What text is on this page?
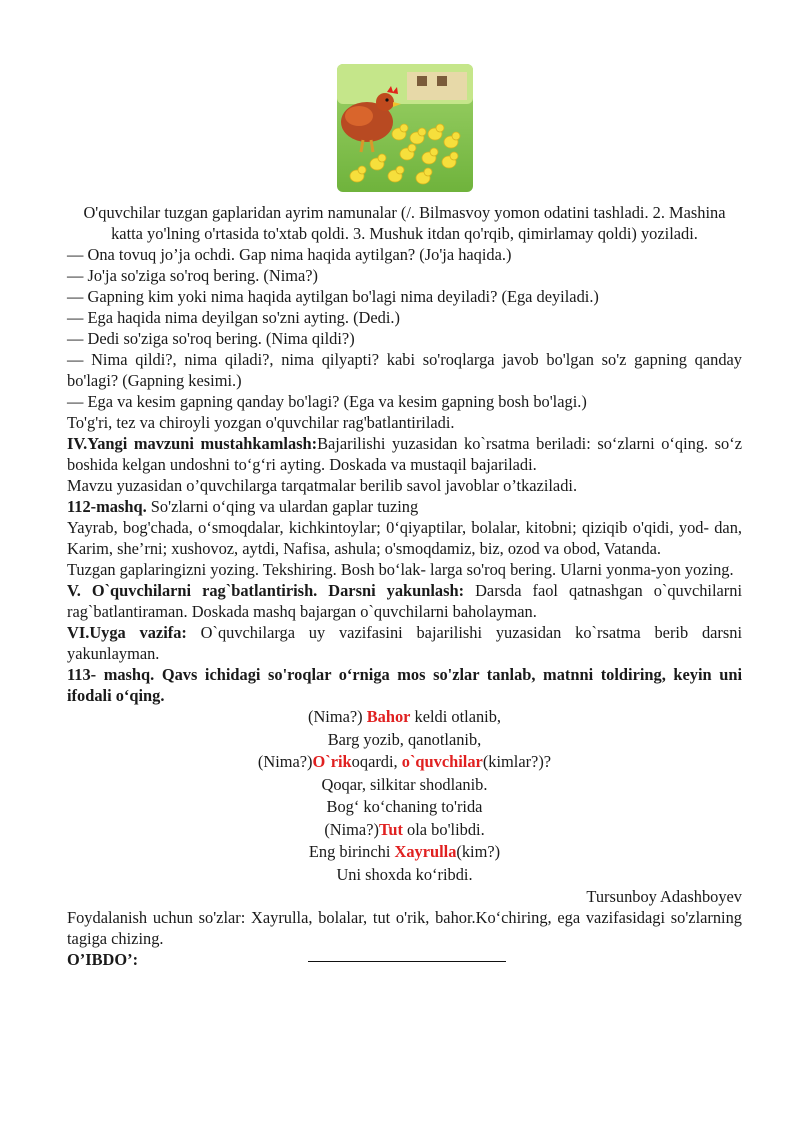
O'quvchilar tuzgan gaplaridan ayrim namunalar (/. Bilmasvoy yomon odatini tashladi. 2. Mashina katta yo'lning o'rtasida to'xtab qoldi. 3. Mushuk itdan qo'rqib, qimirlamay qoldi) yoziladi.

— Ona tovuq jo’ja ochdi. Gap nima haqida aytilgan? (Jo'ja haqida.)

— Jo'ja so'ziga so'roq bering. (Nima?)

— Gapning kim yoki nima haqida aytilgan bo'lagi nima deyiladi? (Ega deyiladi.)

— Ega haqida nima deyilgan so'zni ayting. (Dedi.)

— Dedi so'ziga so'roq bering. (Nima qildi?)

— Nima qildi?, nima qiladi?, nima qilyapti? kabi so'roqlarga javob bo'lgan so'z gapning qanday bo'lagi? (Gapning kesimi.)

— Ega va kesim gapning qanday bo'lagi? (Ega va kesim gapning bosh bo'lagi.)

To'g'ri, tez va chiroyli yozgan o'quvchilar rag'batlantiriladi.

IV.Yangi mavzuni mustahkamlash:Bajarilishi yuzasidan ko`rsatma beriladi: so‘zlarni o‘qing. so‘z boshida kelgan undoshni to‘g‘ri ayting. Doskada va mustaqil bajariladi.

Mavzu yuzasidan o’quvchilarga tarqatmalar berilib savol javoblar o’tkaziladi.

112-mashq. So'zlarni o‘qing va ulardan gaplar tuzing

Yayrab, bog'chada, o‘smoqdalar, kichkintoylar; 0‘qiyaptilar, bolalar, kitobni; qiziqib o'qidi, yod- dan, Karim, she’rni; xushovoz, aytdi, Nafisa, ashula; o'smoqdamiz, biz, ozod va obod, Vatanda.

Tuzgan gaplaringizni yozing. Tekshiring. Bosh bo‘lak- larga so'roq bering. Ularni yonma-yon yozing.

V. O`quvchilarni rag`batlantirish. Darsni yakunlash: Darsda faol qatnashgan o`quvchilarni rag`batlantiraman. Doskada mashq bajargan o`quvchilarni baholayman.

VI.Uyga vazifa: O`quvchilarga uy vazifasini bajarilishi yuzasidan ko`rsatma berib darsni yakunlayman.

113- mashq. Qavs ichidagi so'roqlar o‘rniga mos so'zlar tanlab, matnni toldiring, keyin uni ifodali o‘qing.

(Nima?) Bahor keldi otlanib,

Barg yozib, qanotlanib,

(Nima?)O`rikoqardi, o`quvchilar(kimlar?)?

Qoqar, silkitar shodlanib.

Bog‘ ko‘chaning to'rida

(Nima?)Tut ola bo'libdi.

Eng birinchi Xayrulla(kim?)

Uni shoxda ko‘ribdi.

Tursunboy Adashboyev

Foydalanish uchun so'zlar: Xayrulla, bolalar, tut o'rik, bahor.Ko‘chiring, ega vazifasidagi so'zlarning tagiga chizing.

O’IBDO’:
